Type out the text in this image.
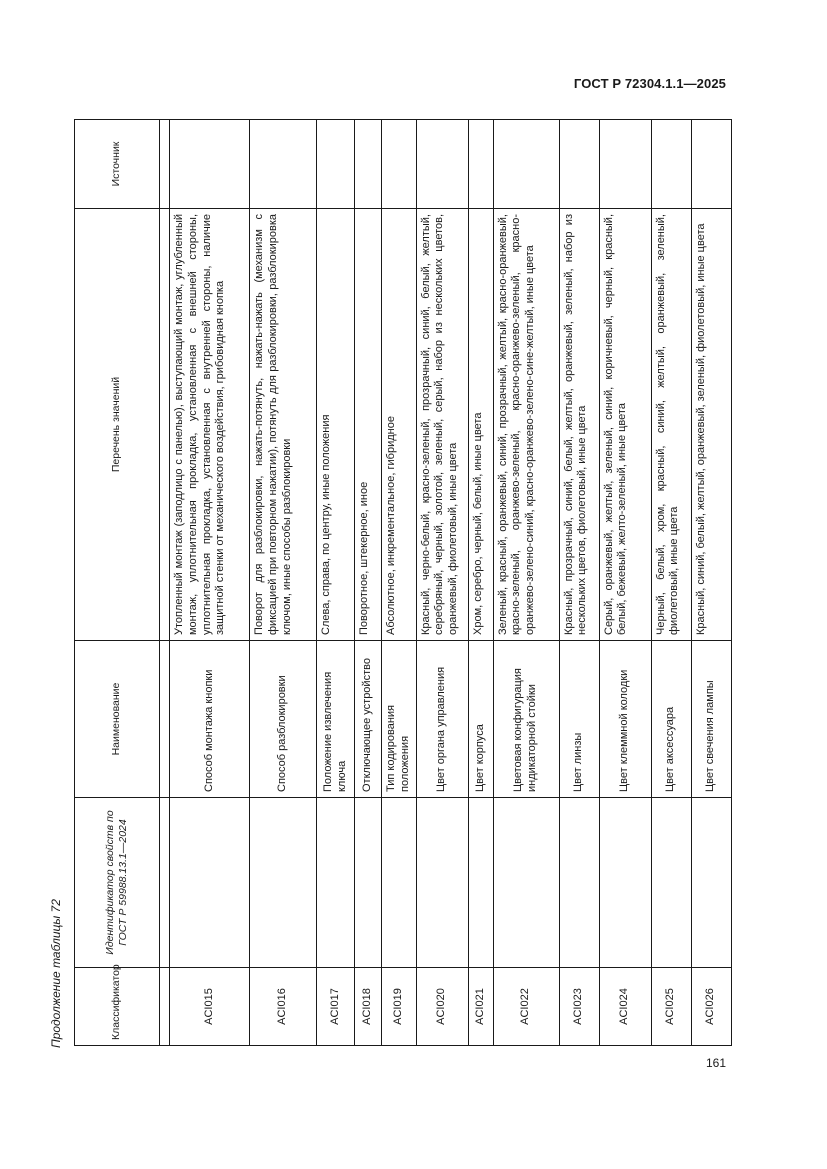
ГОСТ Р 72304.1.1—2025
Продолжение таблицы 72	Классификатор	Идентификатор свойств по ГОСТ Р 59988.13.1—2024	Наименование	Перечень значений	Источник

ACI015		Способ монтажа кнопки	Утопленный монтаж (заподлицо с панелью), выступающий монтаж, углубленный монтаж, уплотнительная прокладка, установленная с внешней стороны, уплотнительная прокладка, установленная с внутренней стороны, наличие защитной стенки от механического воздействия, грибовидная кнопка	
ACI016		Способ разблокировки	Поворот для разблокировки, нажать-потянуть, нажать-нажать (механизм с фиксацией при повторном нажатии), потянуть для разблокировки, разблокировка ключом, иные способы разблокировки	
ACI017		Положение извлечения ключа	Слева, справа, по центру, иные положения	
ACI018		Отключающее устройство	Поворотное, штекерное, иное	
ACI019		Тип кодирования положения	Абсолютное, инкрементальное, гибридное	
ACI020		Цвет органа управления	Красный, черно-белый, красно-зеленый, прозрачный, синий, белый, желтый, серебряный, черный, золотой, зеленый, серый, набор из нескольких цветов, оранжевый, фиолетовый, иные цвета	
ACI021		Цвет корпуса	Хром, серебро, черный, белый, иные цвета	
ACI022		Цветовая конфигурация индикаторной стойки	Зеленый, красный, оранжевый, синий, прозрачный, желтый, красно-оранжевый, красно-зеленый, оранжево-зеленый, красно-оранжево-зеленый, красно-оранжево-зелено-синий, красно-оранжево-зелено-сине-желтый, иные цвета	
ACI023		Цвет линзы	Красный, прозрачный, синий, белый, желтый, оранжевый, зеленый, набор из нескольких цветов, фиолетовый, иные цвета	
ACI024		Цвет клеммной колодки	Серый, оранжевый, желтый, зеленый, синий, коричневый, черный, красный, белый, бежевый, желто-зеленый, иные цвета	
ACI025		Цвет аксессуара	Черный, белый, хром, красный, синий, желтый, оранжевый, зеленый, фиолетовый, иные цвета	
ACI026		Цвет свечения лампы	Красный, синий, белый, желтый, оранжевый, зеленый, фиолетовый, иные цвета	
161
